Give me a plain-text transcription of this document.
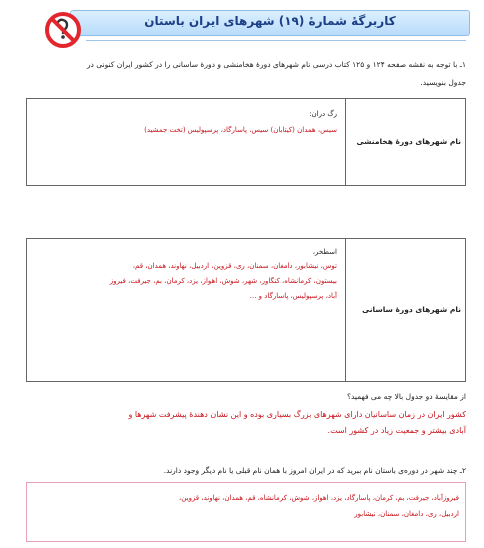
کاربرگهٔ شمارهٔ (۱۹) شهرهای ایران باستان
۱ـ با توجه به نقشه صفحه ۱۲۴ و ۱۲۵ کتاب درسی نام شهرهای دورهٔ هخامنشی و دورهٔ ساسانی را در کشور ایران کنونی در
جدول بنویسید.
نام شهرهای دورهٔ هخامنشی
رگ دران:
سیس، همدان (کیتابان) سیس، پاسارگاد، پرسپولیس (تخت جمشید)
نام شهرهای دورهٔ ساسانی
اسطخر،
توس، نیشابور، دامغان، سمنان، ری، قزوین، اردبیل، نهاوند، همدان، قم،
بیستون، کرمانشاه، کنگاور، شهر، شوش، اهواز، یزد، کرمان، بم، جیرفت، فیروز
آباد، پرسپولیس، پاسارگاد و ...
از مقایسهٔ دو جدول بالا چه می فهمید؟
کشور ایران در زمان ساسانیان دارای شهرهای بزرگ بسیاری بوده و این نشان دهندهٔ پیشرفت شهرها و
آبادی بیشتر و جمعیت زیاد در کشور است.
۲ـ چند شهر در دوره‌ی باستان نام ببرید که در ایران امروز با همان نام قبلی یا نام دیگر وجود دارند.
فیروزآباد، جیرفت، بم، کرمان، پاسارگاد، یزد، اهواز، شوش، کرمانشاه، قم، همدان، نهاوند، قزوین،
اردبیل، ری، دامغان، سمنان، نیشابور
